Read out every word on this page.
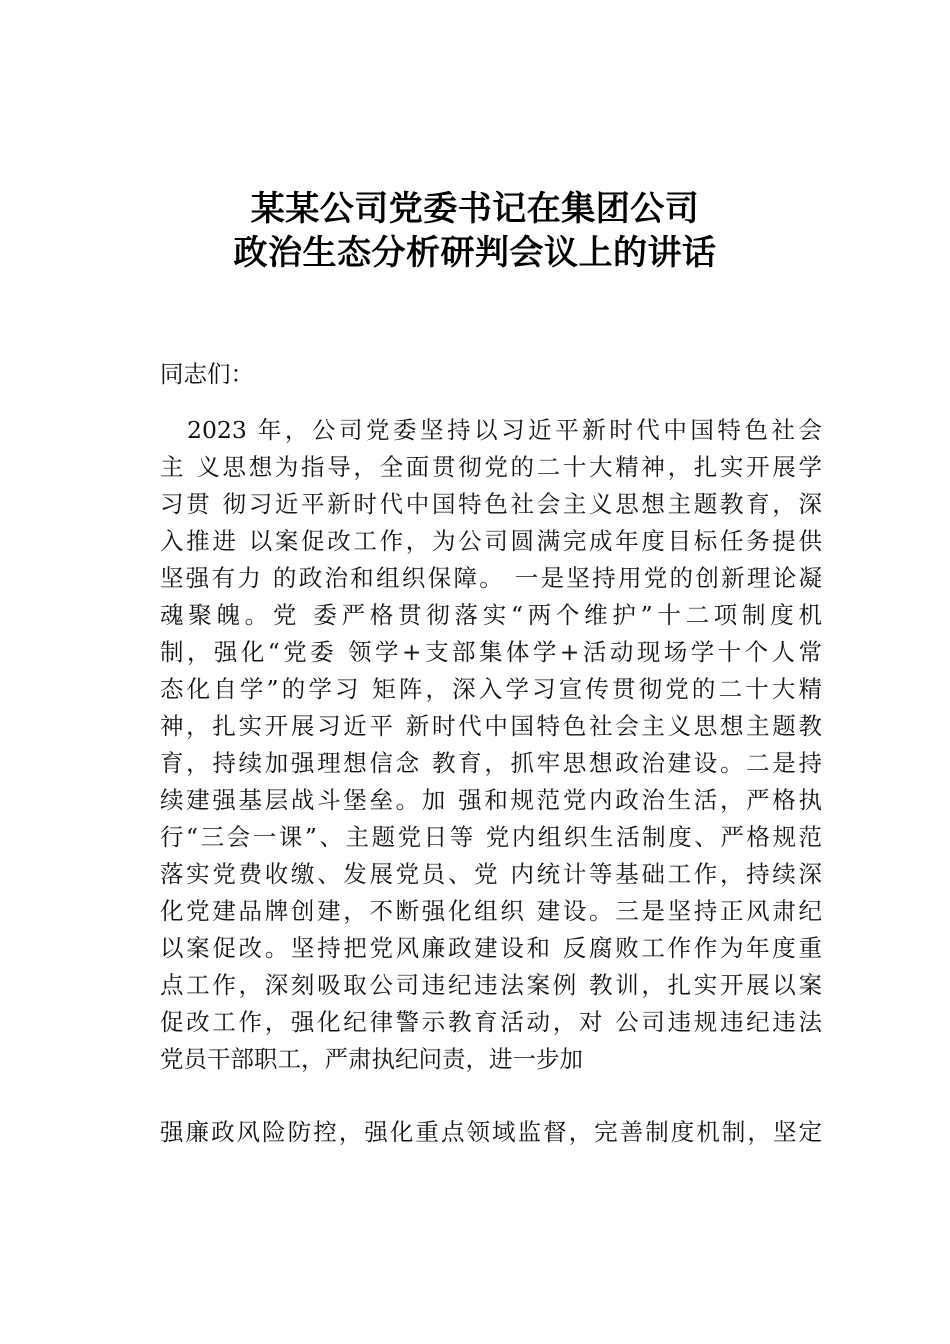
某某公司党委书记在集团公司
政治生态分析研判会议上的讲话
同志们：
　2023 年，公司党委坚持以习近平新时代中国特色社会
主 义思想为指导，全面贯彻党的二十大精神，扎实开展学
习贯 彻习近平新时代中国特色社会主义思想主题教育，深
入推进 以案促改工作，为公司圆满完成年度目标任务提供
坚强有力 的政治和组织保障。 一是坚持用党的创新理论凝
魂聚魄。党 委严格贯彻落实“两个维护”十二项制度机
制，强化“党委 领学+支部集体学+活动现场学十个人常
态化自学”的学习 矩阵，深入学习宣传贯彻党的二十大精
神，扎实开展习近平 新时代中国特色社会主义思想主题教
育，持续加强理想信念 教育，抓牢思想政治建设。二是持
续建强基层战斗堡垒。加 强和规范党内政治生活，严格执
行“三会一课”、主题党日等 党内组织生活制度、严格规范
落实党费收缴、发展党员、党 内统计等基础工作，持续深
化党建品牌创建，不断强化组织 建设。三是坚持正风肃纪
以案促改。坚持把党风廉政建设和 反腐败工作作为年度重
点工作，深刻吸取公司违纪违法案例 教训，扎实开展以案
促改工作，强化纪律警示教育活动，对 公司违规违纪违法
党员干部职工，严肃执纪问责，进一步加
强廉政风险防控，强化重点领域监督，完善制度机制，坚定
